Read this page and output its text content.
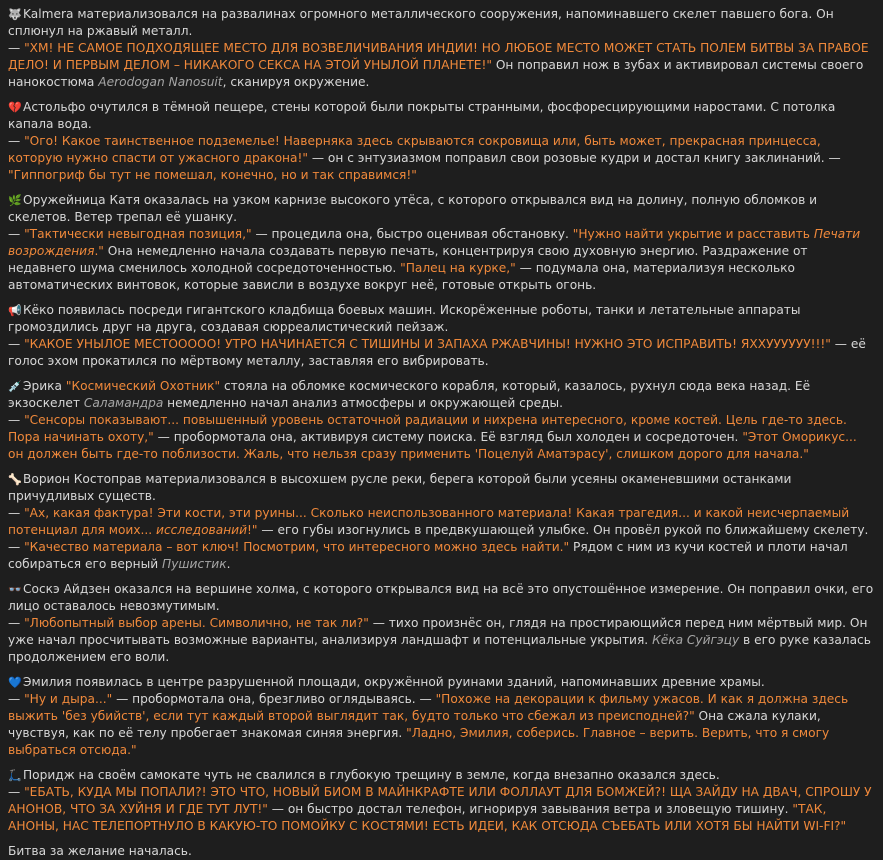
🐺Kalmera материализовался на развалинах огромного металлического сооружения, напоминавшего скелет павшего бога. Он сплюнул на ржавый металл.
— "ХМ! НЕ САМОЕ ПОДХОДЯЩЕЕ МЕСТО ДЛЯ ВОЗВЕЛИЧИВАНИЯ ИНДИИ! НО ЛЮБОЕ МЕСТО МОЖЕТ СТАТЬ ПОЛЕМ БИТВЫ ЗА ПРАВОЕ ДЕЛО! И ПЕРВЫМ ДЕЛОМ – НИКАКОГО СЕКСА НА ЭТОЙ УНЫЛОЙ ПЛАНЕТЕ!" Он поправил нож в зубах и активировал системы своего нанокостюма Aerodogan Nanosuit, сканируя окружение.
💔Астольфо очутился в тёмной пещере, стены которой были покрыты странными, фосфоресцирующими наростами. С потолка капала вода.
— "Ого! Какое таинственное подземелье! Наверняка здесь скрываются сокровища или, быть может, прекрасная принцесса, которую нужно спасти от ужасного дракона!" — он с энтузиазмом поправил свои розовые кудри и достал книгу заклинаний. — "Гиппогриф бы тут не помешал, конечно, но и так справимся!"
🌿Оружейница Катя оказалась на узком карнизе высокого утёса, с которого открывался вид на долину, полную обломков и скелетов. Ветер трепал её ушанку.
— "Тактически невыгодная позиция," — процедила она, быстро оценивая обстановку. "Нужно найти укрытие и расставить Печати возрождения." Она немедленно начала создавать первую печать, концентрируя свою духовную энергию. Раздражение от недавнего шума сменилось холодной сосредоточенностью. "Палец на курке," — подумала она, материализуя несколько автоматических винтовок, которые зависли в воздухе вокруг неё, готовые открыть огонь.
📢Кёко появилась посреди гигантского кладбища боевых машин. Искорёженные роботы, танки и летательные аппараты громоздились друг на друга, создавая сюрреалистический пейзаж.
— "КАКОЕ УНЫЛОЕ МЕСТООООО! УТРО НАЧИНАЕТСЯ С ТИШИНЫ И ЗАПАХА РЖАВЧИНЫ! НУЖНО ЭТО ИСПРАВИТЬ! ЯХХУУУУУУ!!!" — её голос эхом прокатился по мёртвому металлу, заставляя его вибрировать.
💉Эрика "Космический Охотник" стояла на обломке космического корабля, который, казалось, рухнул сюда века назад. Её экзоскелет Саламандра немедленно начал анализ атмосферы и окружающей среды.
— "Сенсоры показывают... повышенный уровень остаточной радиации и нихрена интересного, кроме костей. Цель где-то здесь. Пора начинать охоту," — пробормотала она, активируя систему поиска. Её взгляд был холоден и сосредоточен. "Этот Оморикус... он должен быть где-то поблизости. Жаль, что нельзя сразу применить 'Поцелуй Аматэрасу', слишком дорого для начала."
🦴Ворион Костоправ материализовался в высохшем русле реки, берега которой были усеяны окаменевшими останками причудливых существ.
— "Ах, какая фактура! Эти кости, эти руины... Сколько неиспользованного материала! Какая трагедия... и какой неисчерпаемый потенциал для моих... исследований!" — его губы изогнулись в предвкушающей улыбке. Он провёл рукой по ближайшему скелету. — "Качество материала – вот ключ! Посмотрим, что интересного можно здесь найти." Рядом с ним из кучи костей и плоти начал собираться его верный Пушистик.
👓Соскэ Айдзен оказался на вершине холма, с которого открывался вид на всё это опустошённое измерение. Он поправил очки, его лицо оставалось невозмутимым.
— "Любопытный выбор арены. Символично, не так ли?" — тихо произнёс он, глядя на простирающийся перед ним мёртвый мир. Он уже начал просчитывать возможные варианты, анализируя ландшафт и потенциальные укрытия. Кёка Суйгэцу в его руке казалась продолжением его воли.
💙Эмилия появилась в центре разрушенной площади, окружённой руинами зданий, напоминавших древние храмы.
— "Ну и дыра..." — пробормотала она, брезгливо оглядываясь. — "Похоже на декорации к фильму ужасов. И как я должна здесь выжить 'без убийств', если тут каждый второй выглядит так, будто только что сбежал из преисподней?" Она сжала кулаки, чувствуя, как по её телу пробегает знакомая синяя энергия. "Ладно, Эмилия, соберись. Главное – верить. Верить, что я смогу выбраться отсюда."
🛴Поридж на своём самокате чуть не свалился в глубокую трещину в земле, когда внезапно оказался здесь.
— "ЕБАТЬ, КУДА МЫ ПОПАЛИ?! ЭТО ЧТО, НОВЫЙ БИОМ В МАЙНКРАФТЕ ИЛИ ФОЛЛАУТ ДЛЯ БОМЖЕЙ?! ЩА ЗАЙДУ НА ДВАЧ, СПРОШУ У АНОНОВ, ЧТО ЗА ХУЙНЯ И ГДЕ ТУТ ЛУТ!" — он быстро достал телефон, игнорируя завывания ветра и зловещую тишину. "ТАК, АНОНЫ, НАС ТЕЛЕПОРТНУЛО В КАКУЮ-ТО ПОМОЙКУ С КОСТЯМИ! ЕСТЬ ИДЕИ, КАК ОТСЮДА СЪЕБАТЬ ИЛИ ХОТЯ БЫ НАЙТИ WI-FI?"
Битва за желание началась.
